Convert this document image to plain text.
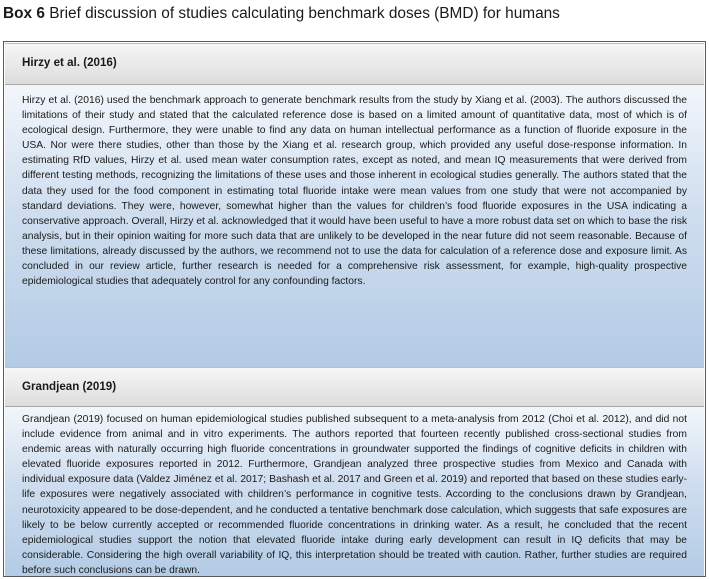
Box 6 Brief discussion of studies calculating benchmark doses (BMD) for humans
Hirzy et al. (2016)

Hirzy et al. (2016) used the benchmark approach to generate benchmark results from the study by Xiang et al. (2003). The authors discussed the limitations of their study and stated that the calculated reference dose is based on a limited amount of quantitative data, most of which is of ecological design. Furthermore, they were unable to find any data on human intellectual performance as a function of fluoride exposure in the USA. Nor were there studies, other than those by the Xiang et al. research group, which provided any useful dose-response information. In estimating RfD values, Hirzy et al. used mean water consumption rates, except as noted, and mean IQ measurements that were derived from different testing methods, recognizing the limitations of these uses and those inherent in ecological studies generally. The authors stated that the data they used for the food component in estimating total fluoride intake were mean values from one study that were not accompanied by standard deviations. They were, however, somewhat higher than the values for children’s food fluoride exposures in the USA indicating a conservative approach. Overall, Hirzy et al. acknowledged that it would have been useful to have a more robust data set on which to base the risk analysis, but in their opinion waiting for more such data that are unlikely to be developed in the near future did not seem reasonable. Because of these limitations, already discussed by the authors, we recommend not to use the data for calculation of a reference dose and exposure limit. As concluded in our review article, further research is needed for a comprehensive risk assessment, for example, high-quality prospective epidemiological studies that adequately control for any confounding factors.

Grandjean (2019)

Grandjean (2019) focused on human epidemiological studies published subsequent to a meta-analysis from 2012 (Choi et al. 2012), and did not include evidence from animal and in vitro experiments. The authors reported that fourteen recently published cross-sectional studies from endemic areas with naturally occurring high fluoride concentrations in groundwater supported the findings of cognitive deficits in children with elevated fluoride exposures reported in 2012. Furthermore, Grandjean analyzed three prospective studies from Mexico and Canada with individual exposure data (Valdez Jiménez et al. 2017; Bashash et al. 2017 and Green et al. 2019) and reported that based on these studies early-life exposures were negatively associated with children’s performance in cognitive tests. According to the conclusions drawn by Grandjean, neurotoxicity appeared to be dose-dependent, and he conducted a tentative benchmark dose calculation, which suggests that safe exposures are likely to be below currently accepted or recommended fluoride concentrations in drinking water. As a result, he concluded that the recent epidemiological studies support the notion that elevated fluoride intake during early development can result in IQ deficits that may be considerable. Considering the high overall variability of IQ, this interpretation should be treated with caution. Rather, further studies are required before such conclusions can be drawn.
